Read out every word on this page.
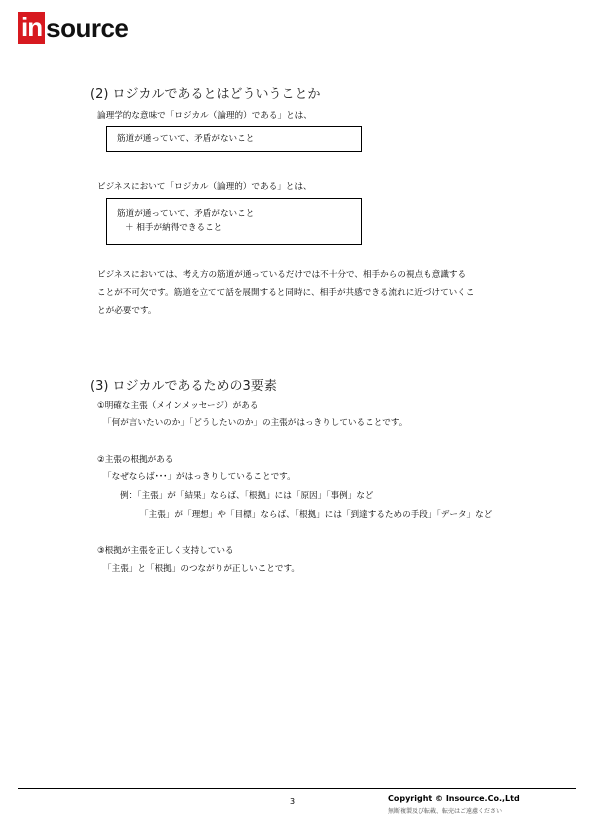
in source
(2) ロジカルであるとはどういうことか
論理学的な意味で「ロジカル（論理的）である」とは、
筋道が通っていて、矛盾がないこと
ビジネスにおいて「ロジカル（論理的）である」とは、
筋道が通っていて、矛盾がないこと
＋ 相手が納得できること
ビジネスにおいては、考え方の筋道が通っているだけでは不十分で、相手からの視点も意識する
ことが不可欠です。筋道を立てて話を展開すると同時に、相手が共感できる流れに近づけていくこ
とが必要です。
(3) ロジカルであるための3要素
①明確な主張（メインメッセージ）がある
「何が言いたいのか」「どうしたいのか」の主張がはっきりしていることです。
②主張の根拠がある
「なぜならば･･･」がはっきりしていることです。
例：「主張」が「結果」ならば、「根拠」には「原因」「事例」など
「主張」が「理想」や「目標」ならば、「根拠」には「到達するための手段」「データ」など
③根拠が主張を正しく支持している
「主張」と「根拠」のつながりが正しいことです。
3	Copyright © Insource.Co.,Ltd
無断複製及び転載、転売はご遠慮ください
